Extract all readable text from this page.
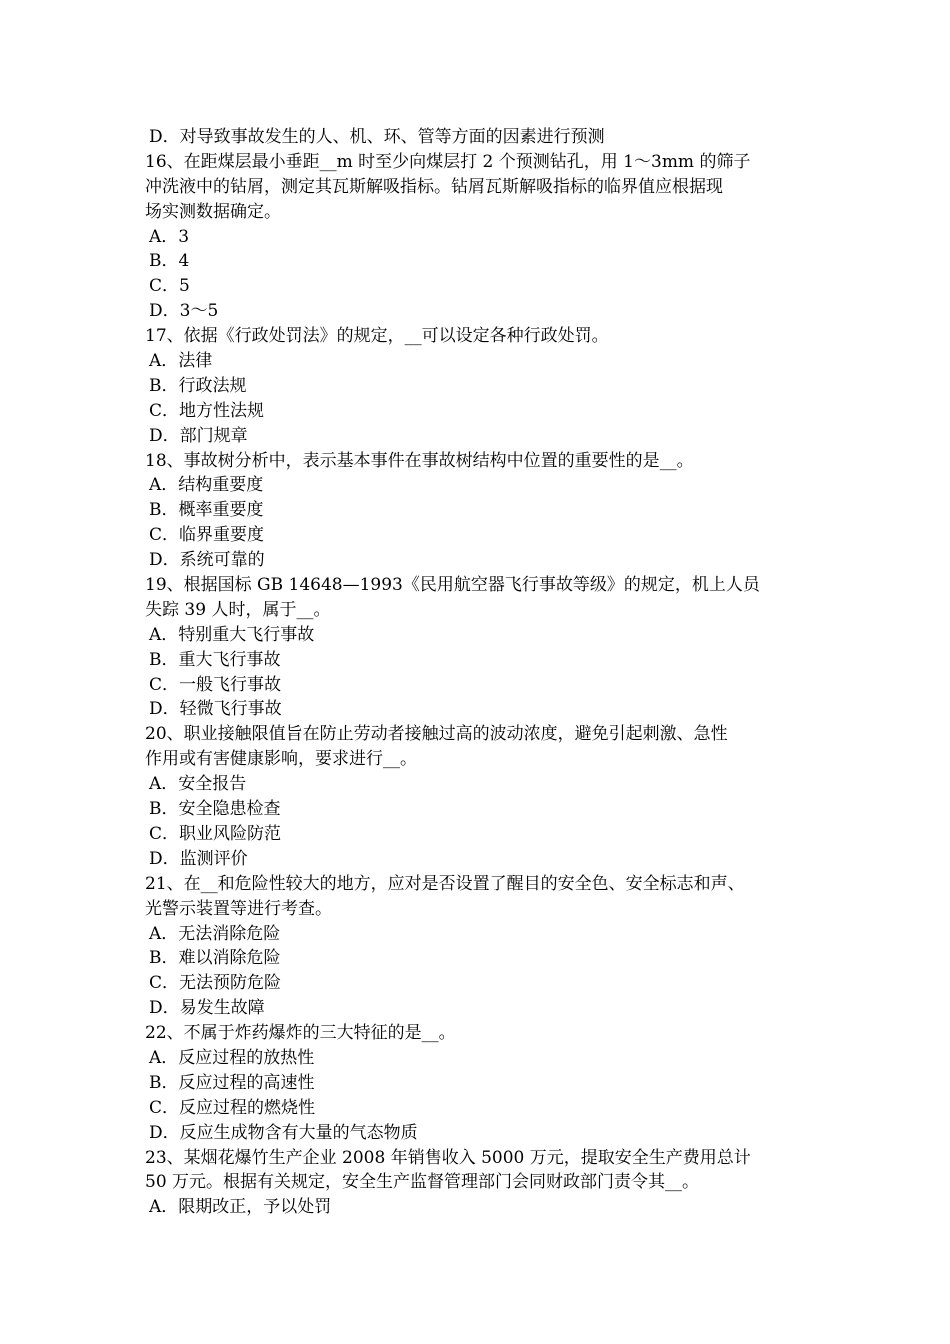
D．对导致事故发生的人、机、环、管等方面的因素进行预测
16、在距煤层最小垂距__m 时至少向煤层打 2 个预测钻孔，用 1～3mm 的筛子
冲洗液中的钻屑，测定其瓦斯解吸指标。钻屑瓦斯解吸指标的临界值应根据现
场实测数据确定。
A．3
B．4
C．5
D．3～5
17、依据《行政处罚法》的规定，__可以设定各种行政处罚。
A．法律
B．行政法规
C．地方性法规
D．部门规章
18、事故树分析中，表示基本事件在事故树结构中位置的重要性的是__。
A．结构重要度
B．概率重要度
C．临界重要度
D．系统可靠的
19、根据国标 GB 14648—1993《民用航空器飞行事故等级》的规定，机上人员
失踪 39 人时，属于__。
A．特别重大飞行事故
B．重大飞行事故
C．一般飞行事故
D．轻微飞行事故
20、职业接触限值旨在防止劳动者接触过高的波动浓度，避免引起刺激、急性
作用或有害健康影响，要求进行__。
A．安全报告
B．安全隐患检查
C．职业风险防范
D．监测评价
21、在__和危险性较大的地方，应对是否设置了醒目的安全色、安全标志和声、
光警示装置等进行考查。
A．无法消除危险
B．难以消除危险
C．无法预防危险
D．易发生故障
22、不属于炸药爆炸的三大特征的是__。
A．反应过程的放热性
B．反应过程的高速性
C．反应过程的燃烧性
D．反应生成物含有大量的气态物质
23、某烟花爆竹生产企业 2008 年销售收入 5000 万元，提取安全生产费用总计
50 万元。根据有关规定，安全生产监督管理部门会同财政部门责令其__。
A．限期改正，予以处罚
